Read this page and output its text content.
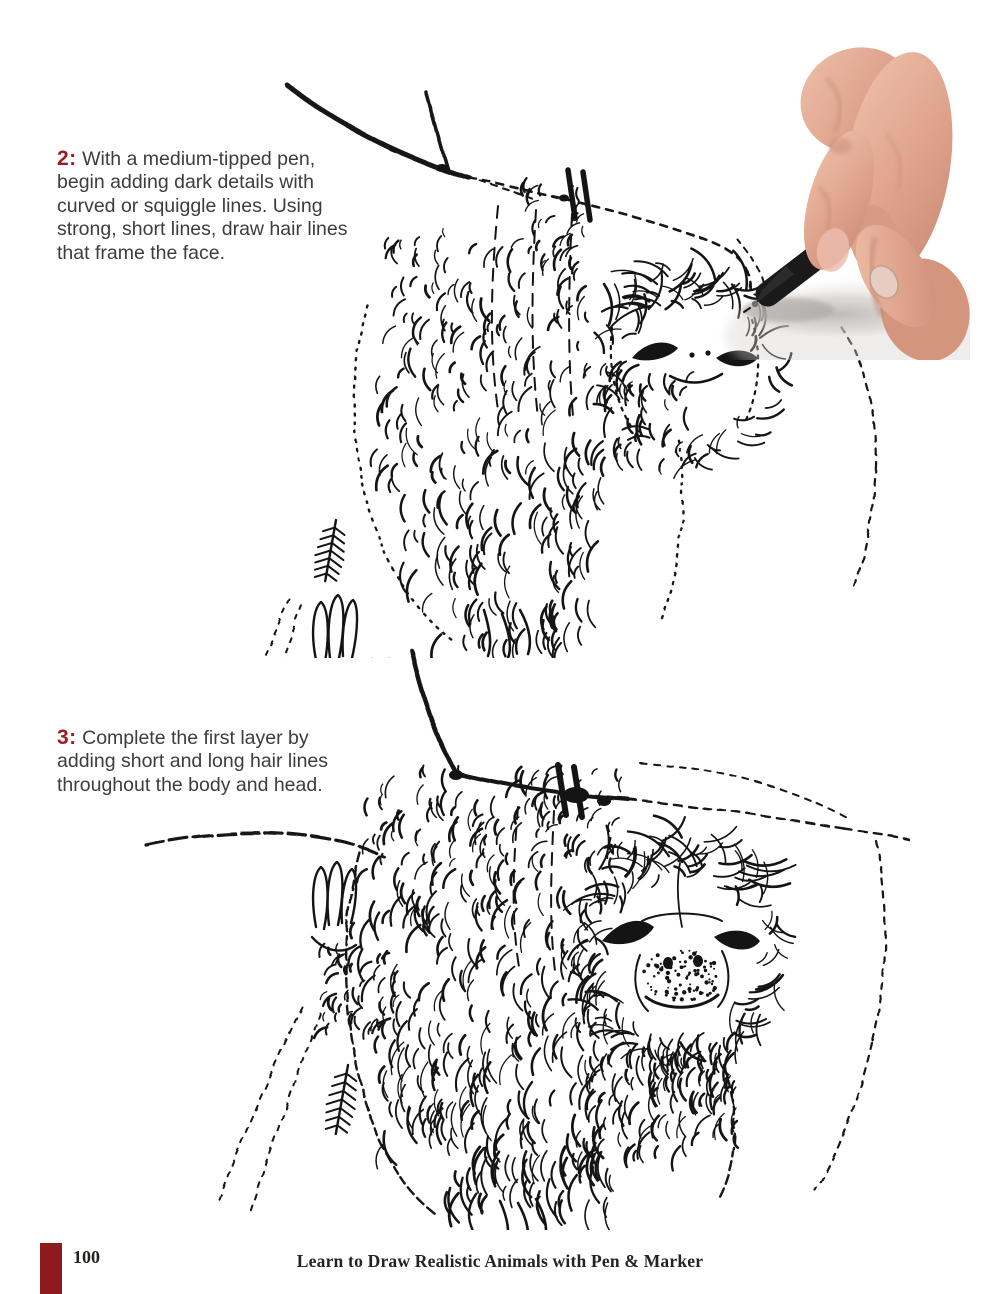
2: With a medium-tipped pen, begin adding dark details with curved or squiggle lines. Using strong, short lines, draw hair lines that frame the face.

3: Complete the first layer by adding short and long hair lines throughout the body and head.

100	Learn to Draw Realistic Animals with Pen & Marker
